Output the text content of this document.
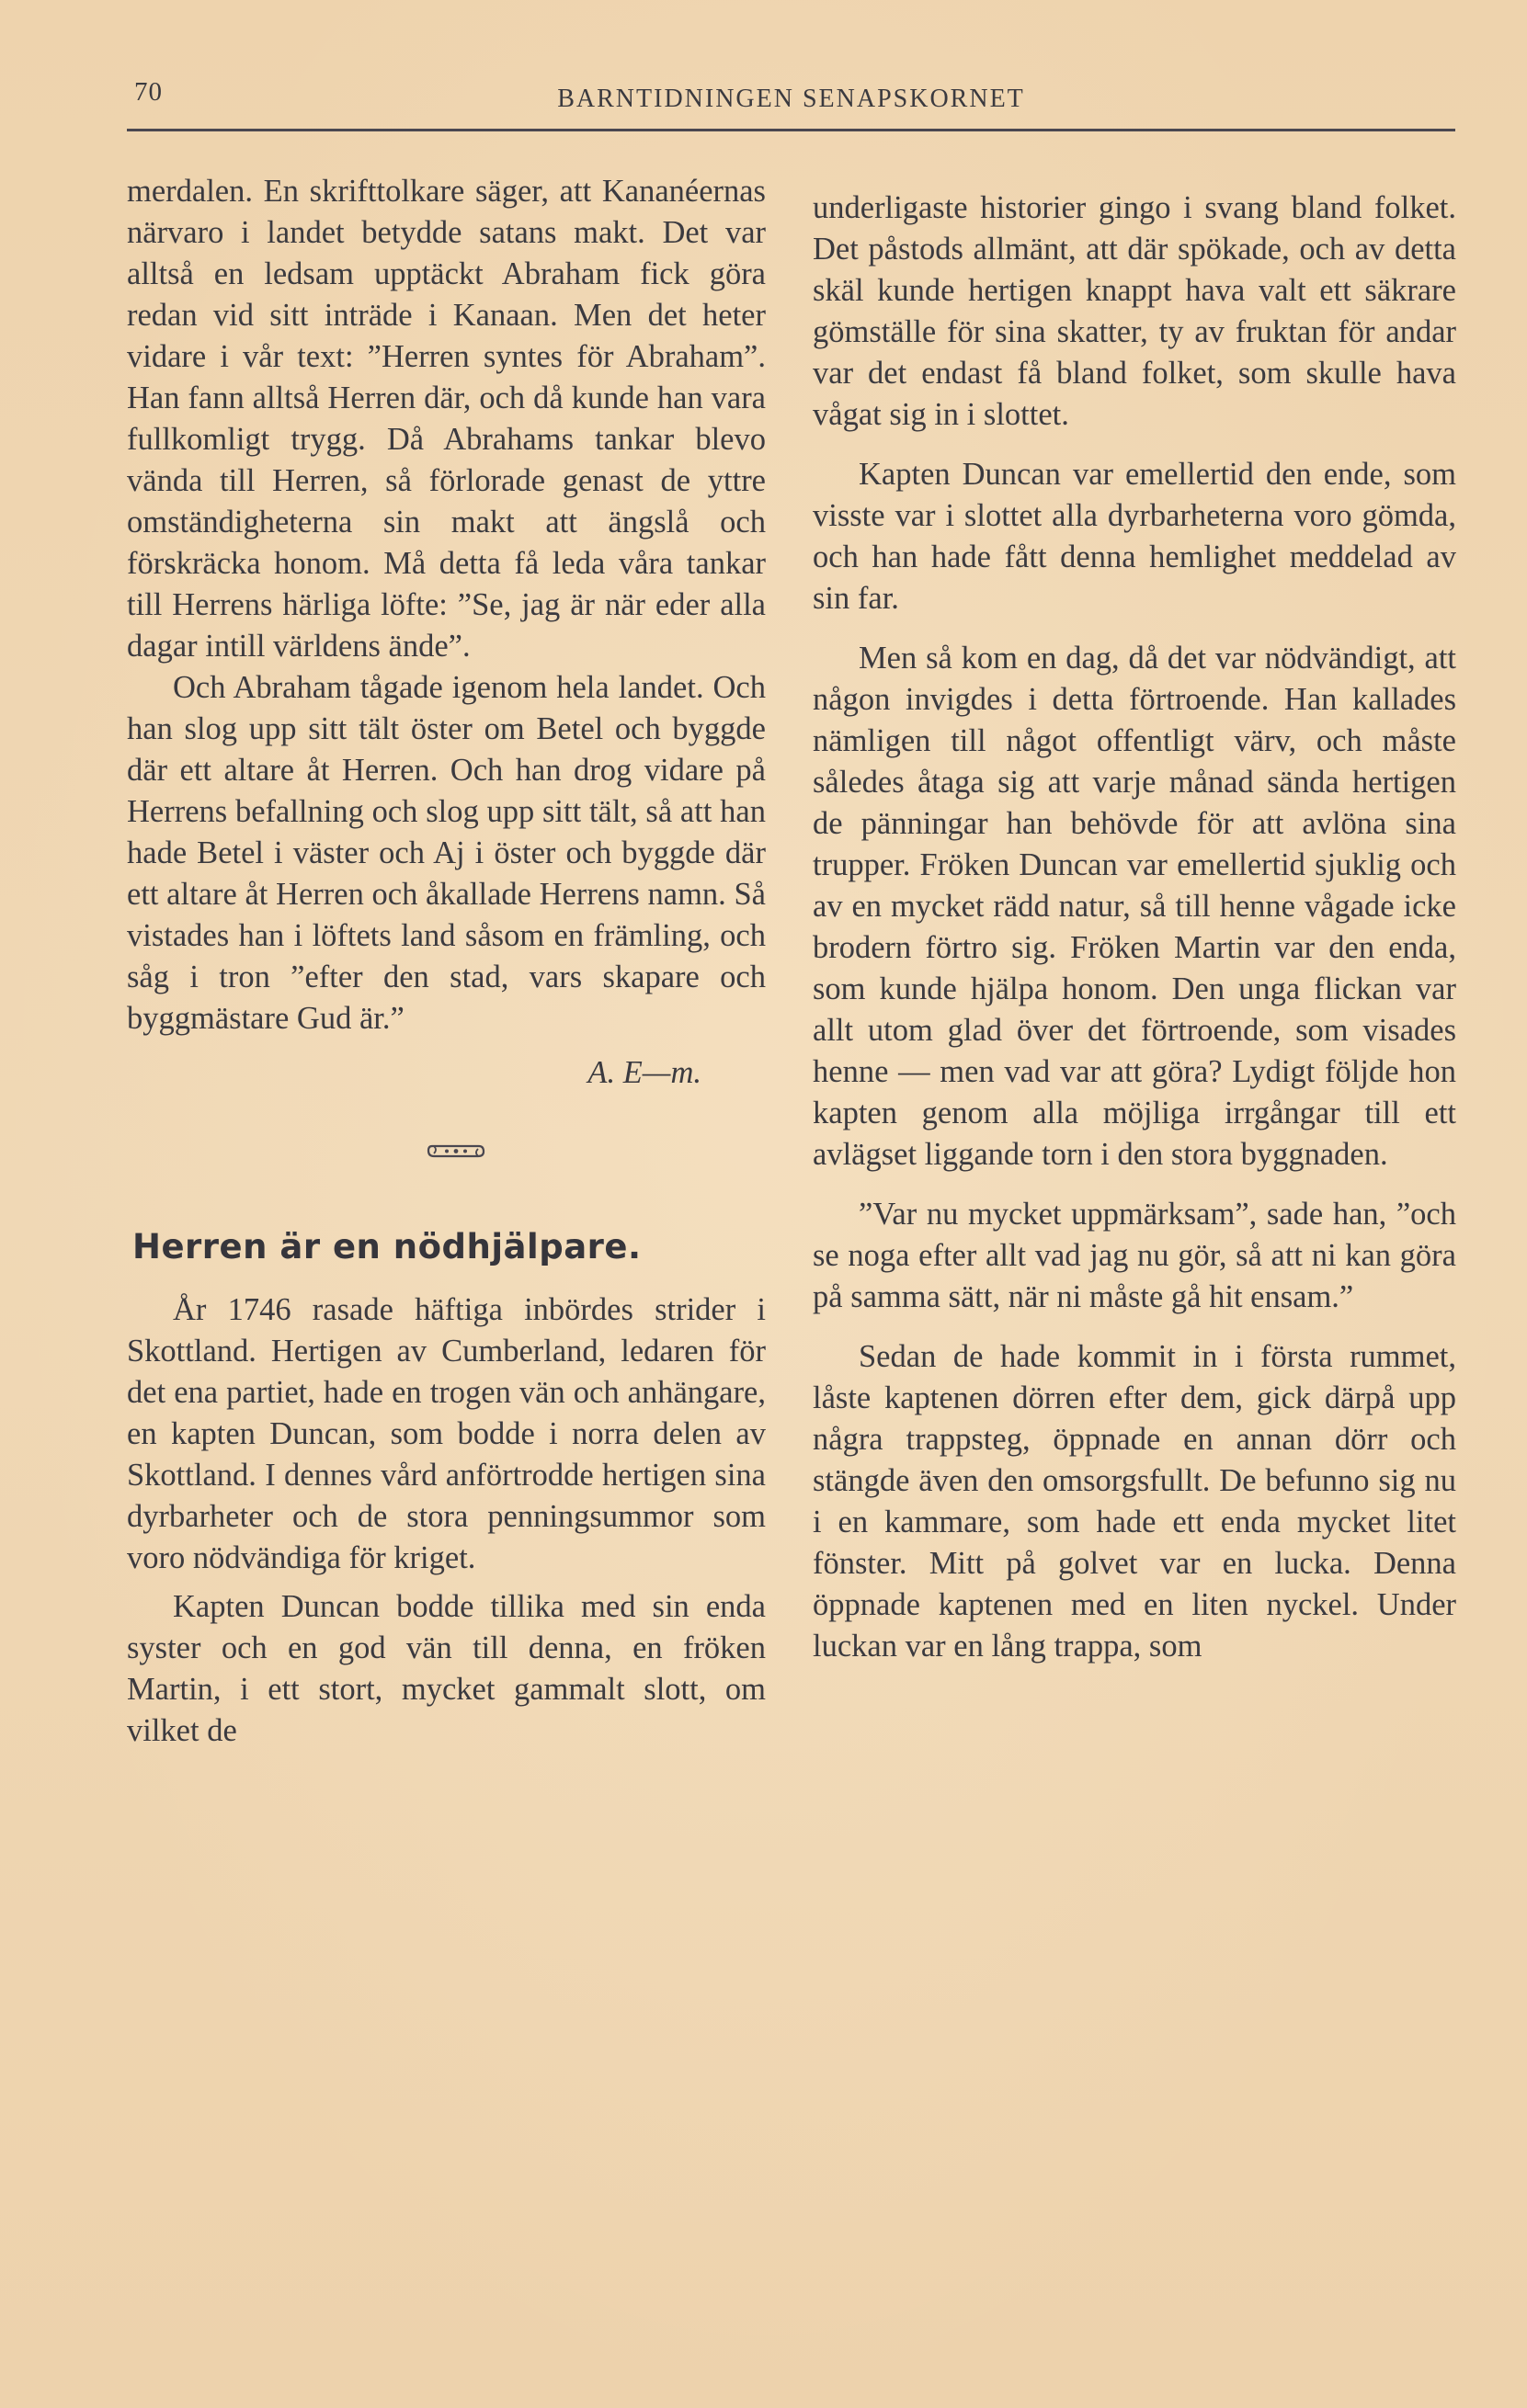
70	BARNTIDNINGEN SENAPSKORNET

merdalen. En skrifttolkare säger, att Kananéernas närvaro i landet betydde satans makt. Det var alltså en ledsam upptäckt Abraham fick göra redan vid sitt inträde i Kanaan. Men det heter vidare i vår text: ”Herren syntes för Abraham”. Han fann alltså Herren där, och då kunde han vara fullkomligt trygg. Då Abrahams tankar blevo vända till Herren, så förlorade genast de yttre omständigheterna sin makt att ängslå och förskräcka honom. Må detta få leda våra tankar till Herrens härliga löfte: ”Se, jag är när eder alla dagar intill världens ände”.

Och Abraham tågade igenom hela landet. Och han slog upp sitt tält öster om Betel och byggde där ett altare åt Herren. Och han drog vidare på Herrens befallning och slog upp sitt tält, så att han hade Betel i väster och Aj i öster och byggde där ett altare åt Herren och åkallade Herrens namn. Så vistades han i löftets land såsom en främling, och såg i tron ”efter den stad, vars skapare och byggmästare Gud är.”

A. E—m.
Herren är en nödhjälpare.

År 1746 rasade häftiga inbördes strider i Skottland. Hertigen av Cumberland, ledaren för det ena partiet, hade en trogen vän och anhängare, en kapten Duncan, som bodde i norra delen av Skottland. I dennes vård anförtrodde hertigen sina dyrbarheter och de stora penningsummor som voro nödvändiga för kriget.

Kapten Duncan bodde tillika med sin enda syster och en god vän till denna, en fröken Martin, i ett stort, mycket gammalt slott, om vilket de

underligaste historier gingo i svang bland folket. Det påstods allmänt, att där spökade, och av detta skäl kunde hertigen knappt hava valt ett säkrare gömställe för sina skatter, ty av fruktan för andar var det endast få bland folket, som skulle hava vågat sig in i slottet.

Kapten Duncan var emellertid den ende, som visste var i slottet alla dyrbarheterna voro gömda, och han hade fått denna hemlighet meddelad av sin far.

Men så kom en dag, då det var nödvändigt, att någon invigdes i detta förtroende. Han kallades nämligen till något offentligt värv, och måste således åtaga sig att varje månad sända hertigen de pänningar han behövde för att avlöna sina trupper. Fröken Duncan var emellertid sjuklig och av en mycket rädd natur, så till henne vågade icke brodern förtro sig. Fröken Martin var den enda, som kunde hjälpa honom. Den unga flickan var allt utom glad över det förtroende, som visades henne — men vad var att göra? Lydigt följde hon kapten genom alla möjliga irrgångar till ett avlägset liggande torn i den stora byggnaden.

”Var nu mycket uppmärksam”, sade han, ”och se noga efter allt vad jag nu gör, så att ni kan göra på samma sätt, när ni måste gå hit ensam.”

Sedan de hade kommit in i första rummet, låste kaptenen dörren efter dem, gick därpå upp några trappsteg, öppnade en annan dörr och stängde även den omsorgsfullt. De befunno sig nu i en kammare, som hade ett enda mycket litet fönster. Mitt på golvet var en lucka. Denna öppnade kaptenen med en liten nyckel. Under luckan var en lång trappa, som
